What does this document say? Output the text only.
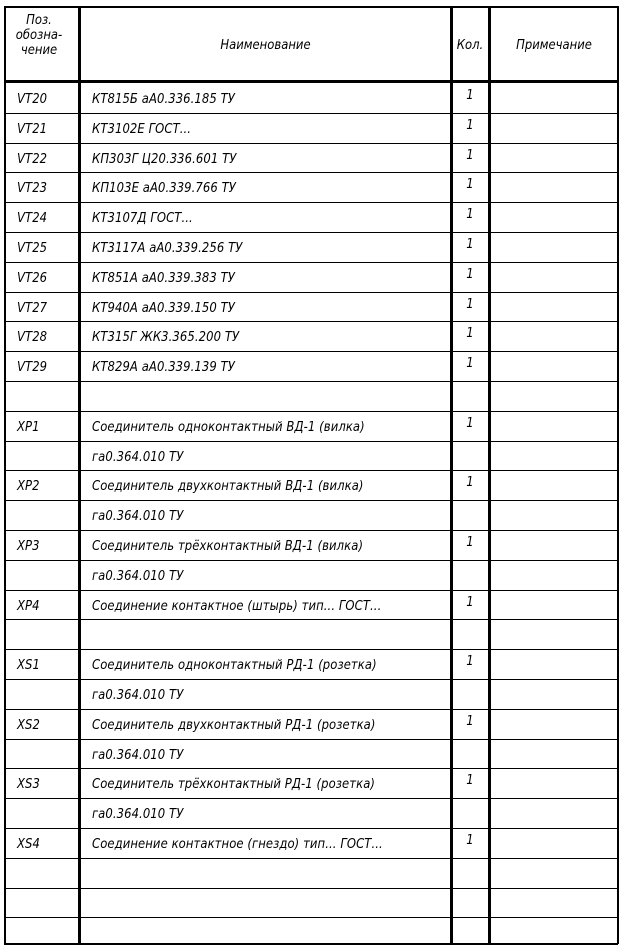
Поз.
обозна-
чение	Наименование	Кол.	Примечание
VT20	КТ815Б аА0.336.185 ТУ	1
VT21	КТ3102Е ГОСТ...	1
VT22	КП303Г Ц20.336.601 ТУ	1
VT23	КП103Е аА0.339.766 ТУ	1
VT24	КТ3107Д ГОСТ...	1
VT25	КТ3117А аА0.339.256 ТУ	1
VT26	КТ851А аА0.339.383 ТУ	1
VT27	КТ940А аА0.339.150 ТУ	1
VT28	КТ315Г ЖК3.365.200 ТУ	1
VT29	КТ829А аА0.339.139 ТУ	1
XP1	Соединитель одноконтактный ВД-1 (вилка)	1
га0.364.010 ТУ
XP2	Соединитель двухконтактный ВД-1 (вилка)	1
га0.364.010 ТУ
XP3	Соединитель трёхконтактный ВД-1 (вилка)	1
га0.364.010 ТУ
XP4	Соединение контактное (штырь) тип... ГОСТ...	1
XS1	Соединитель одноконтактный РД-1 (розетка)	1
га0.364.010 ТУ
XS2	Соединитель двухконтактный РД-1 (розетка)	1
га0.364.010 ТУ
XS3	Соединитель трёхконтактный РД-1 (розетка)	1
га0.364.010 ТУ
XS4	Соединение контактное (гнездо) тип... ГОСТ...	1
